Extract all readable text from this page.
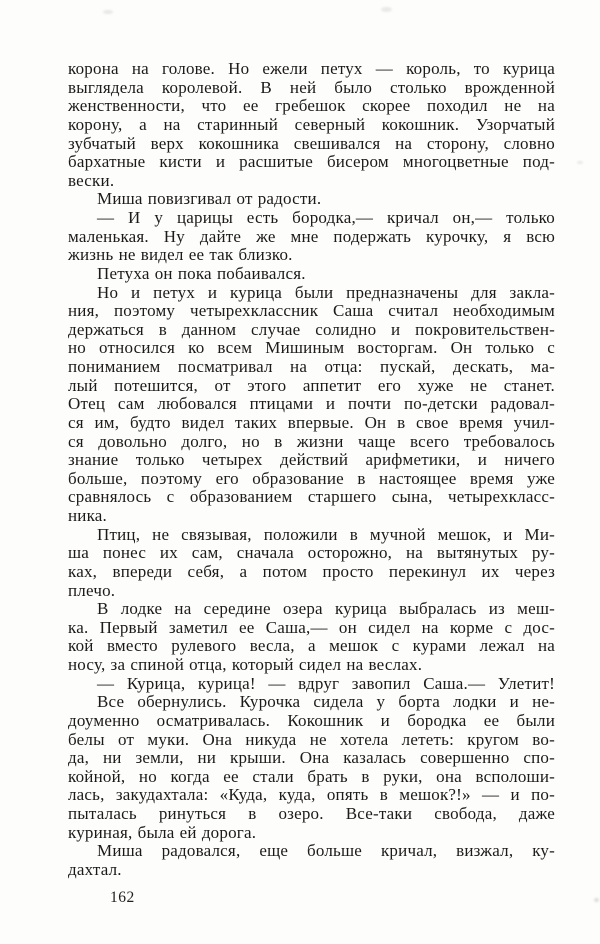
корона на голове. Но ежели петух — король, то курица
выглядела королевой. В ней было столько врожденной
женственности, что ее гребешок скорее походил не на
корону, а на старинный северный кокошник. Узорчатый
зубчатый верх кокошника свешивался на сторону, словно
бархатные кисти и расшитые бисером многоцветные под-
вески.
Миша повизгивал от радости.
— И у царицы есть бородка,— кричал он,— только
маленькая. Ну дайте же мне подержать курочку, я всю
жизнь не видел ее так близко.
Петуха он пока побаивался.
Но и петух и курица были предназначены для закла-
ния, поэтому четырехклассник Саша считал необходимым
держаться в данном случае солидно и покровительствен-
но относился ко всем Мишиным восторгам. Он только с
пониманием посматривал на отца: пускай, дескать, ма-
лый потешится, от этого аппетит его хуже не станет.
Отец сам любовался птицами и почти по-детски радовал-
ся им, будто видел таких впервые. Он в свое время учил-
ся довольно долго, но в жизни чаще всего требовалось
знание только четырех действий арифметики, и ничего
больше, поэтому его образование в настоящее время уже
сравнялось с образованием старшего сына, четырехкласс-
ника.
Птиц, не связывая, положили в мучной мешок, и Ми-
ша понес их сам, сначала осторожно, на вытянутых ру-
ках, впереди себя, а потом просто перекинул их через
плечо.
В лодке на середине озера курица выбралась из меш-
ка. Первый заметил ее Саша,— он сидел на корме с дос-
кой вместо рулевого весла, а мешок с курами лежал на
носу, за спиной отца, который сидел на веслах.
— Курица, курица! — вдруг завопил Саша.— Улетит!
Все обернулись. Курочка сидела у борта лодки и не-
доуменно осматривалась. Кокошник и бородка ее были
белы от муки. Она никуда не хотела лететь: кругом во-
да, ни земли, ни крыши. Она казалась совершенно спо-
койной, но когда ее стали брать в руки, она всполоши-
лась, закудахтала: «Куда, куда, опять в мешок?!» — и по-
пыталась ринуться в озеро. Все-таки свобода, даже
куриная, была ей дорога.
Миша радовался, еще больше кричал, визжал, ку-
дахтал.
162
